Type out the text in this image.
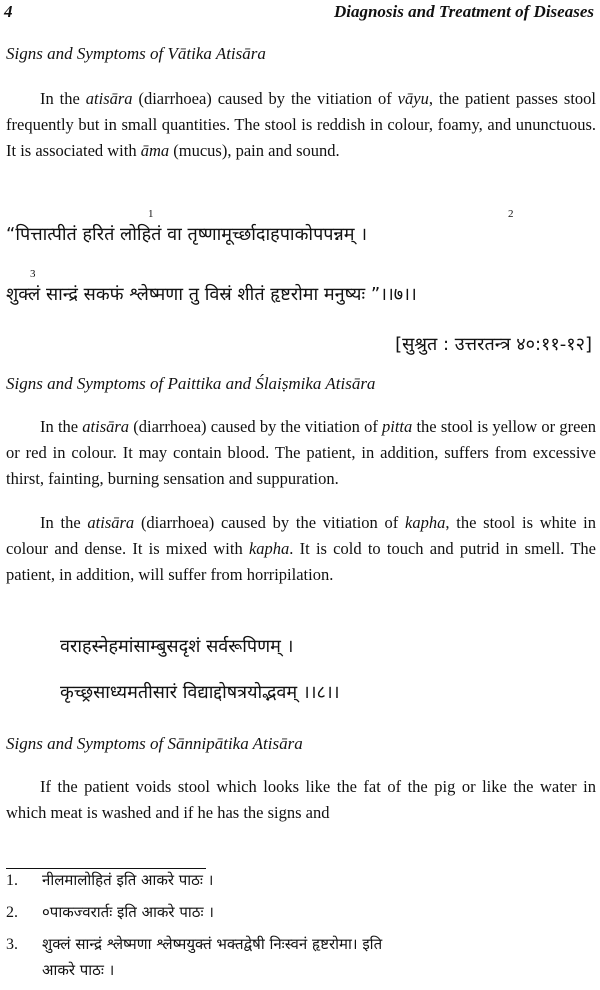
4	Diagnosis and Treatment of Diseases
Signs and Symptoms of Vātika Atisāra
In the atisāra (diarrhoea) caused by the vitiation of vāyu, the patient passes stool frequently but in small quantities. The stool is reddish in colour, foamy, and ununctuous. It is associated with āma (mucus), pain and sound.
1	2
“पित्तात्पीतं हरितं लोहितं वा तृष्णामूर्च्छादाहपाकोपपन्नम् ।
3
शुक्लं सान्द्रं सकफं श्लेष्मणा तु विस्रं शीतं हृष्टरोमा मनुष्यः ”।।७।।
[सुश्रुत : उत्तरतन्त्र ४०:११-१२]
Signs and Symptoms of Paittika and Ślaiṣmika Atisāra
In the atisāra (diarrhoea) caused by the vitiation of pitta the stool is yellow or green or red in colour. It may contain blood. The patient, in addition, suffers from excessive thirst, fainting, burning sensation and suppuration.
In the atisāra (diarrhoea) caused by the vitiation of kapha, the stool is white in colour and dense. It is mixed with kapha. It is cold to touch and putrid in smell. The patient, in addition, will suffer from horripilation.
वराहस्नेहमांसाम्बुसदृशं सर्वरूपिणम् ।
कृच्छ्रसाध्यमतीसारं विद्याद्दोषत्रयोद्भवम् ।।८।।
Signs and Symptoms of Sānnipātika Atisāra
If the patient voids stool which looks like the fat of the pig or like the water in which meat is washed and if he has the signs and
1. नीलमालोहितं इति आकरे पाठः ।
2. ०पाकज्वरार्तः इति आकरे पाठः ।
3. शुक्लं सान्द्रं श्लेष्मणा श्लेष्मयुक्तं भक्तद्वेषी निःस्वनं हृष्टरोमा। इति
आकरे पाठः ।
